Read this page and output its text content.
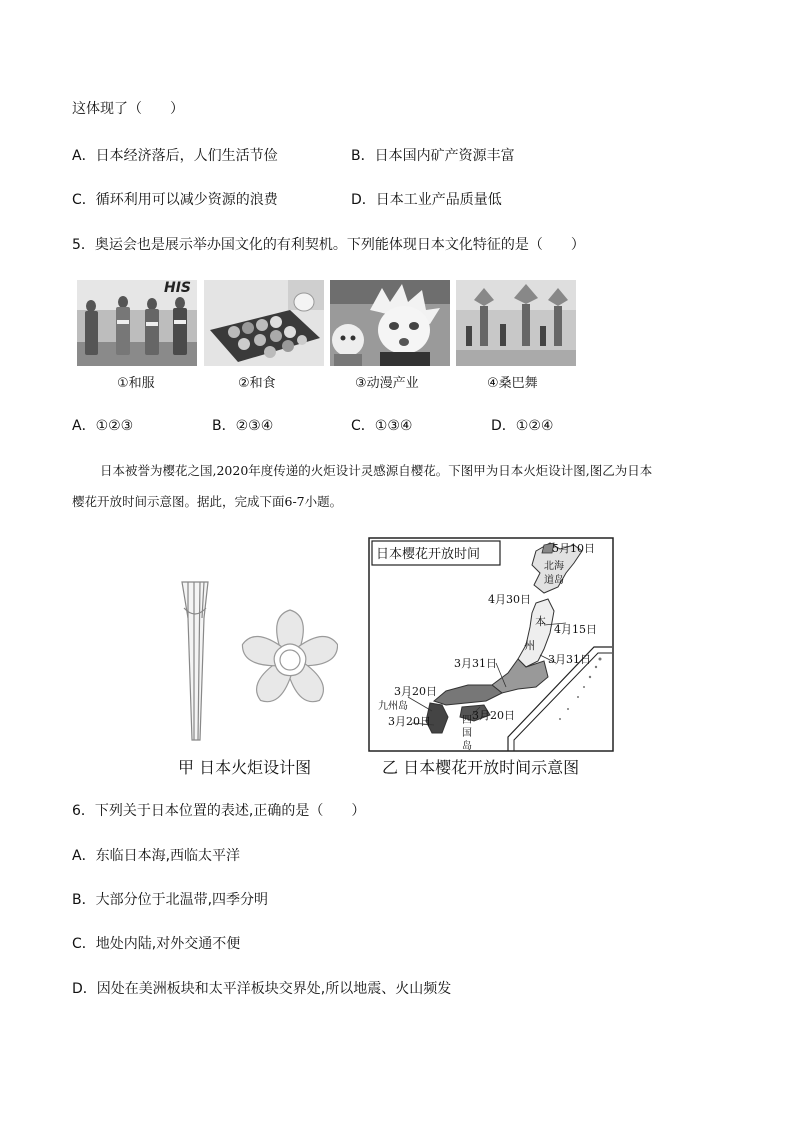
这体现了（　　）
A．日本经济落后，人们生活节俭	B．日本国内矿产资源丰富
C．循环利用可以减少资源的浪费	D．日本工业产品质量低
5．奥运会也是展示举办国文化的有利契机。下列能体现日本文化特征的是（　　）
HIS
①和服	②和食	③动漫产业	④桑巴舞
A．①②③	B．②③④	C．①③④	D．①②④
日本被誉为樱花之国,2020年度传递的火炬设计灵感源自樱花。下图甲为日本火炬设计图,图乙为日本
樱花开放时间示意图。据此，完成下面6-7小题。
日本樱花开放时间	5月10日
北海
道岛
4月30日
本
4月15日
州
3月31日	3月31日
3月20日
九州岛
3月20日	3月20日
四
国
岛
甲 日本火炬设计图	乙 日本樱花开放时间示意图
6．下列关于日本位置的表述,正确的是（　　）
A．东临日本海,西临太平洋
B．大部分位于北温带,四季分明
C．地处内陆,对外交通不便
D．因处在美洲板块和太平洋板块交界处,所以地震、火山频发
